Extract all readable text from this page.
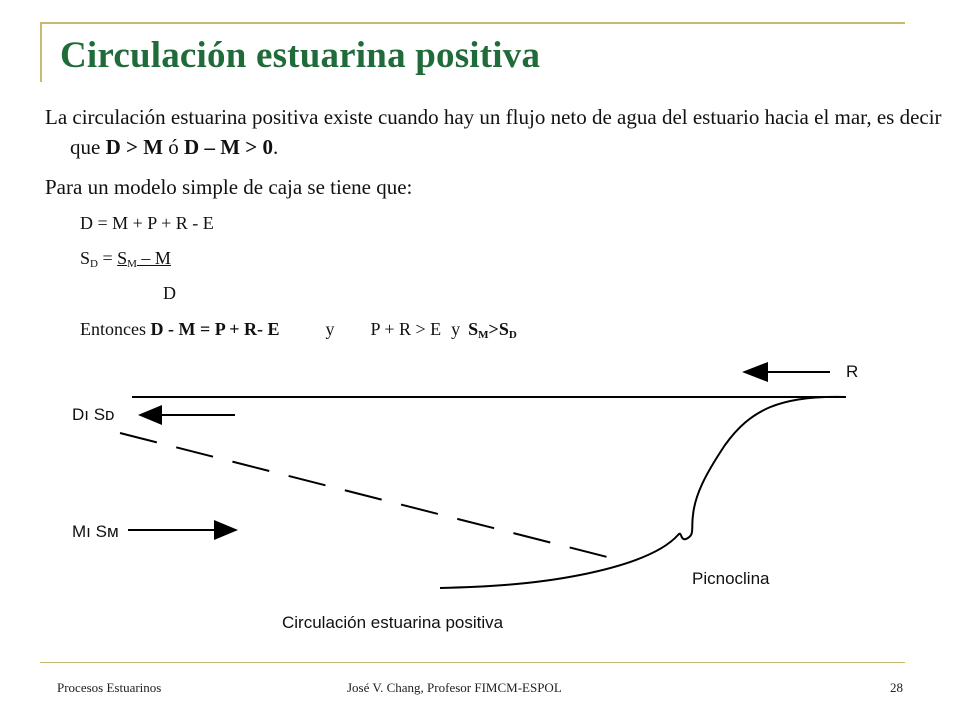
Circulación estuarina positiva

La circulación estuarina positiva existe cuando hay un flujo neto de agua del estuario hacia el mar, es decir que D > M ó D – M > 0.

Para un modelo simple de caja se tiene que:

D = M + P + R - E

$S_D = S_M - M$

D

Entonces D - M = P + R- E	y P + R > E y $S_M>S_D$

R
Dı Sᴅ
Mı Sᴍ
Picnoclina
Circulación estuarina positiva

Procesos Estuarinos	José V. Chang, Profesor FIMCM-ESPOL	28
